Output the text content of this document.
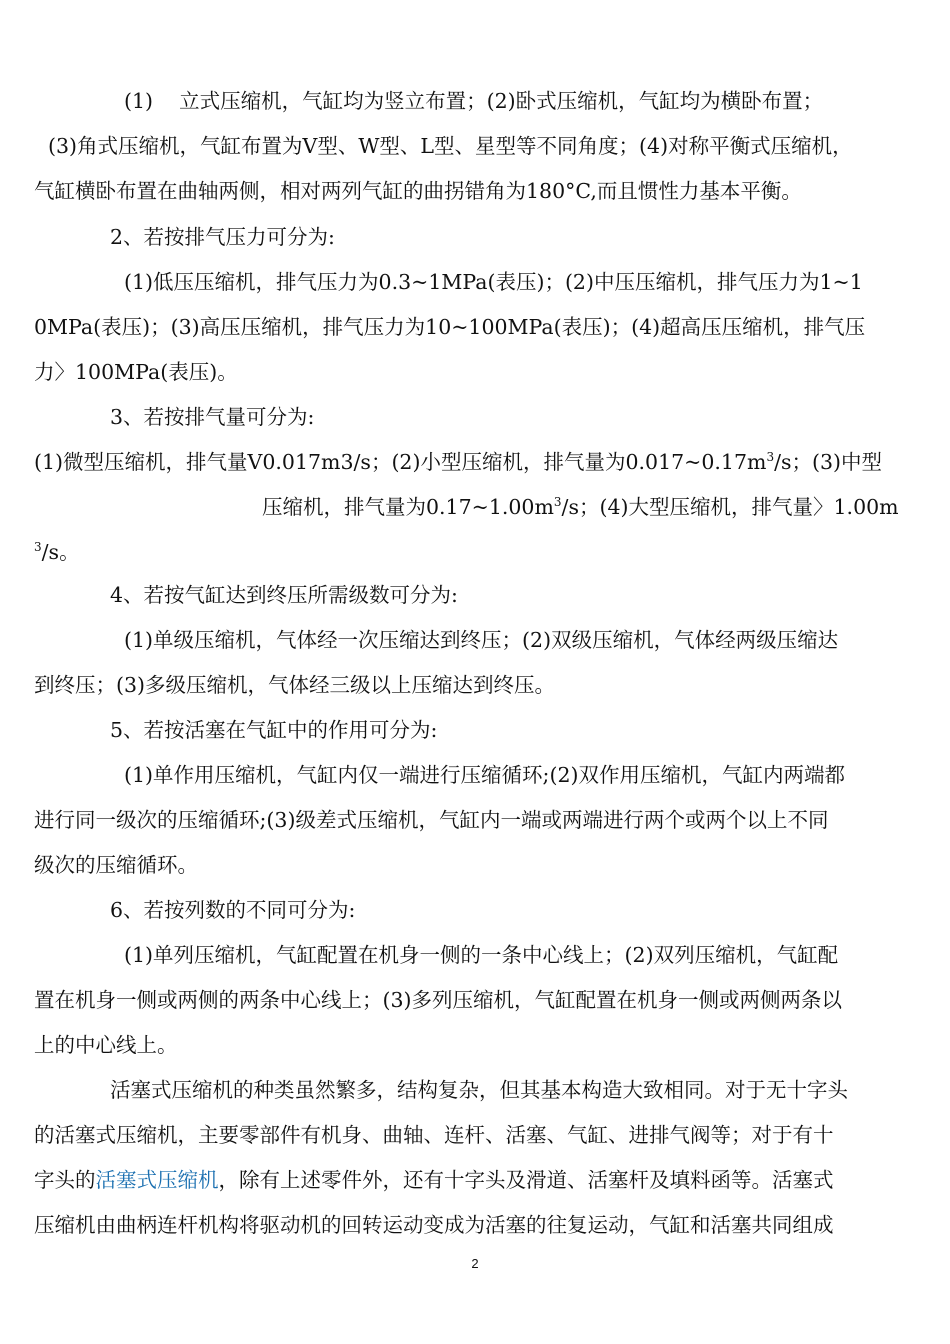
(1)    立式压缩机，气缸均为竖立布置；(2)卧式压缩机，气缸均为横卧布置；
(3)角式压缩机，气缸布置为V型、W型、L型、星型等不同角度；(4)对称平衡式压缩机，
气缸横卧布置在曲轴两侧，相对两列气缸的曲拐错角为180°C,而且惯性力基本平衡。
2、若按排气压力可分为:
(1)低压压缩机，排气压力为0.3~1MPa(表压)；(2)中压压缩机，排气压力为1~1
0MPa(表压)；(3)高压压缩机，排气压力为10~100MPa(表压)；(4)超高压压缩机，排气压
力〉100MPa(表压)。
3、若按排气量可分为:
(1)微型压缩机，排气量V0.017m3/s；(2)小型压缩机，排气量为$0.017\sim 0.17m^3/s$；(3)中型
压缩机，排气量为$0.17\sim 1.00m^3/s$；(4)大型压缩机，排气量〉1.00m
$^3$/s。
4、若按气缸达到终压所需级数可分为:
(1)单级压缩机，气体经一次压缩达到终压；(2)双级压缩机，气体经两级压缩达
到终压；(3)多级压缩机，气体经三级以上压缩达到终压。
5、若按活塞在气缸中的作用可分为:
(1)单作用压缩机，气缸内仅一端进行压缩循环;(2)双作用压缩机，气缸内两端都
进行同一级次的压缩循环;(3)级差式压缩机，气缸内一端或两端进行两个或两个以上不同
级次的压缩循环。
6、若按列数的不同可分为:
(1)单列压缩机，气缸配置在机身一侧的一条中心线上；(2)双列压缩机，气缸配
置在机身一侧或两侧的两条中心线上；(3)多列压缩机，气缸配置在机身一侧或两侧两条以
上的中心线上。
活塞式压缩机的种类虽然繁多，结构复杂，但其基本构造大致相同。对于无十字头
的活塞式压缩机，主要零部件有机身、曲轴、连杆、活塞、气缸、进排气阀等；对于有十
字头的活塞式压缩机，除有上述零件外，还有十字头及滑道、活塞杆及填料函等。活塞式
压缩机由曲柄连杆机构将驱动机的回转运动变成为活塞的往复运动，气缸和活塞共同组成
2
